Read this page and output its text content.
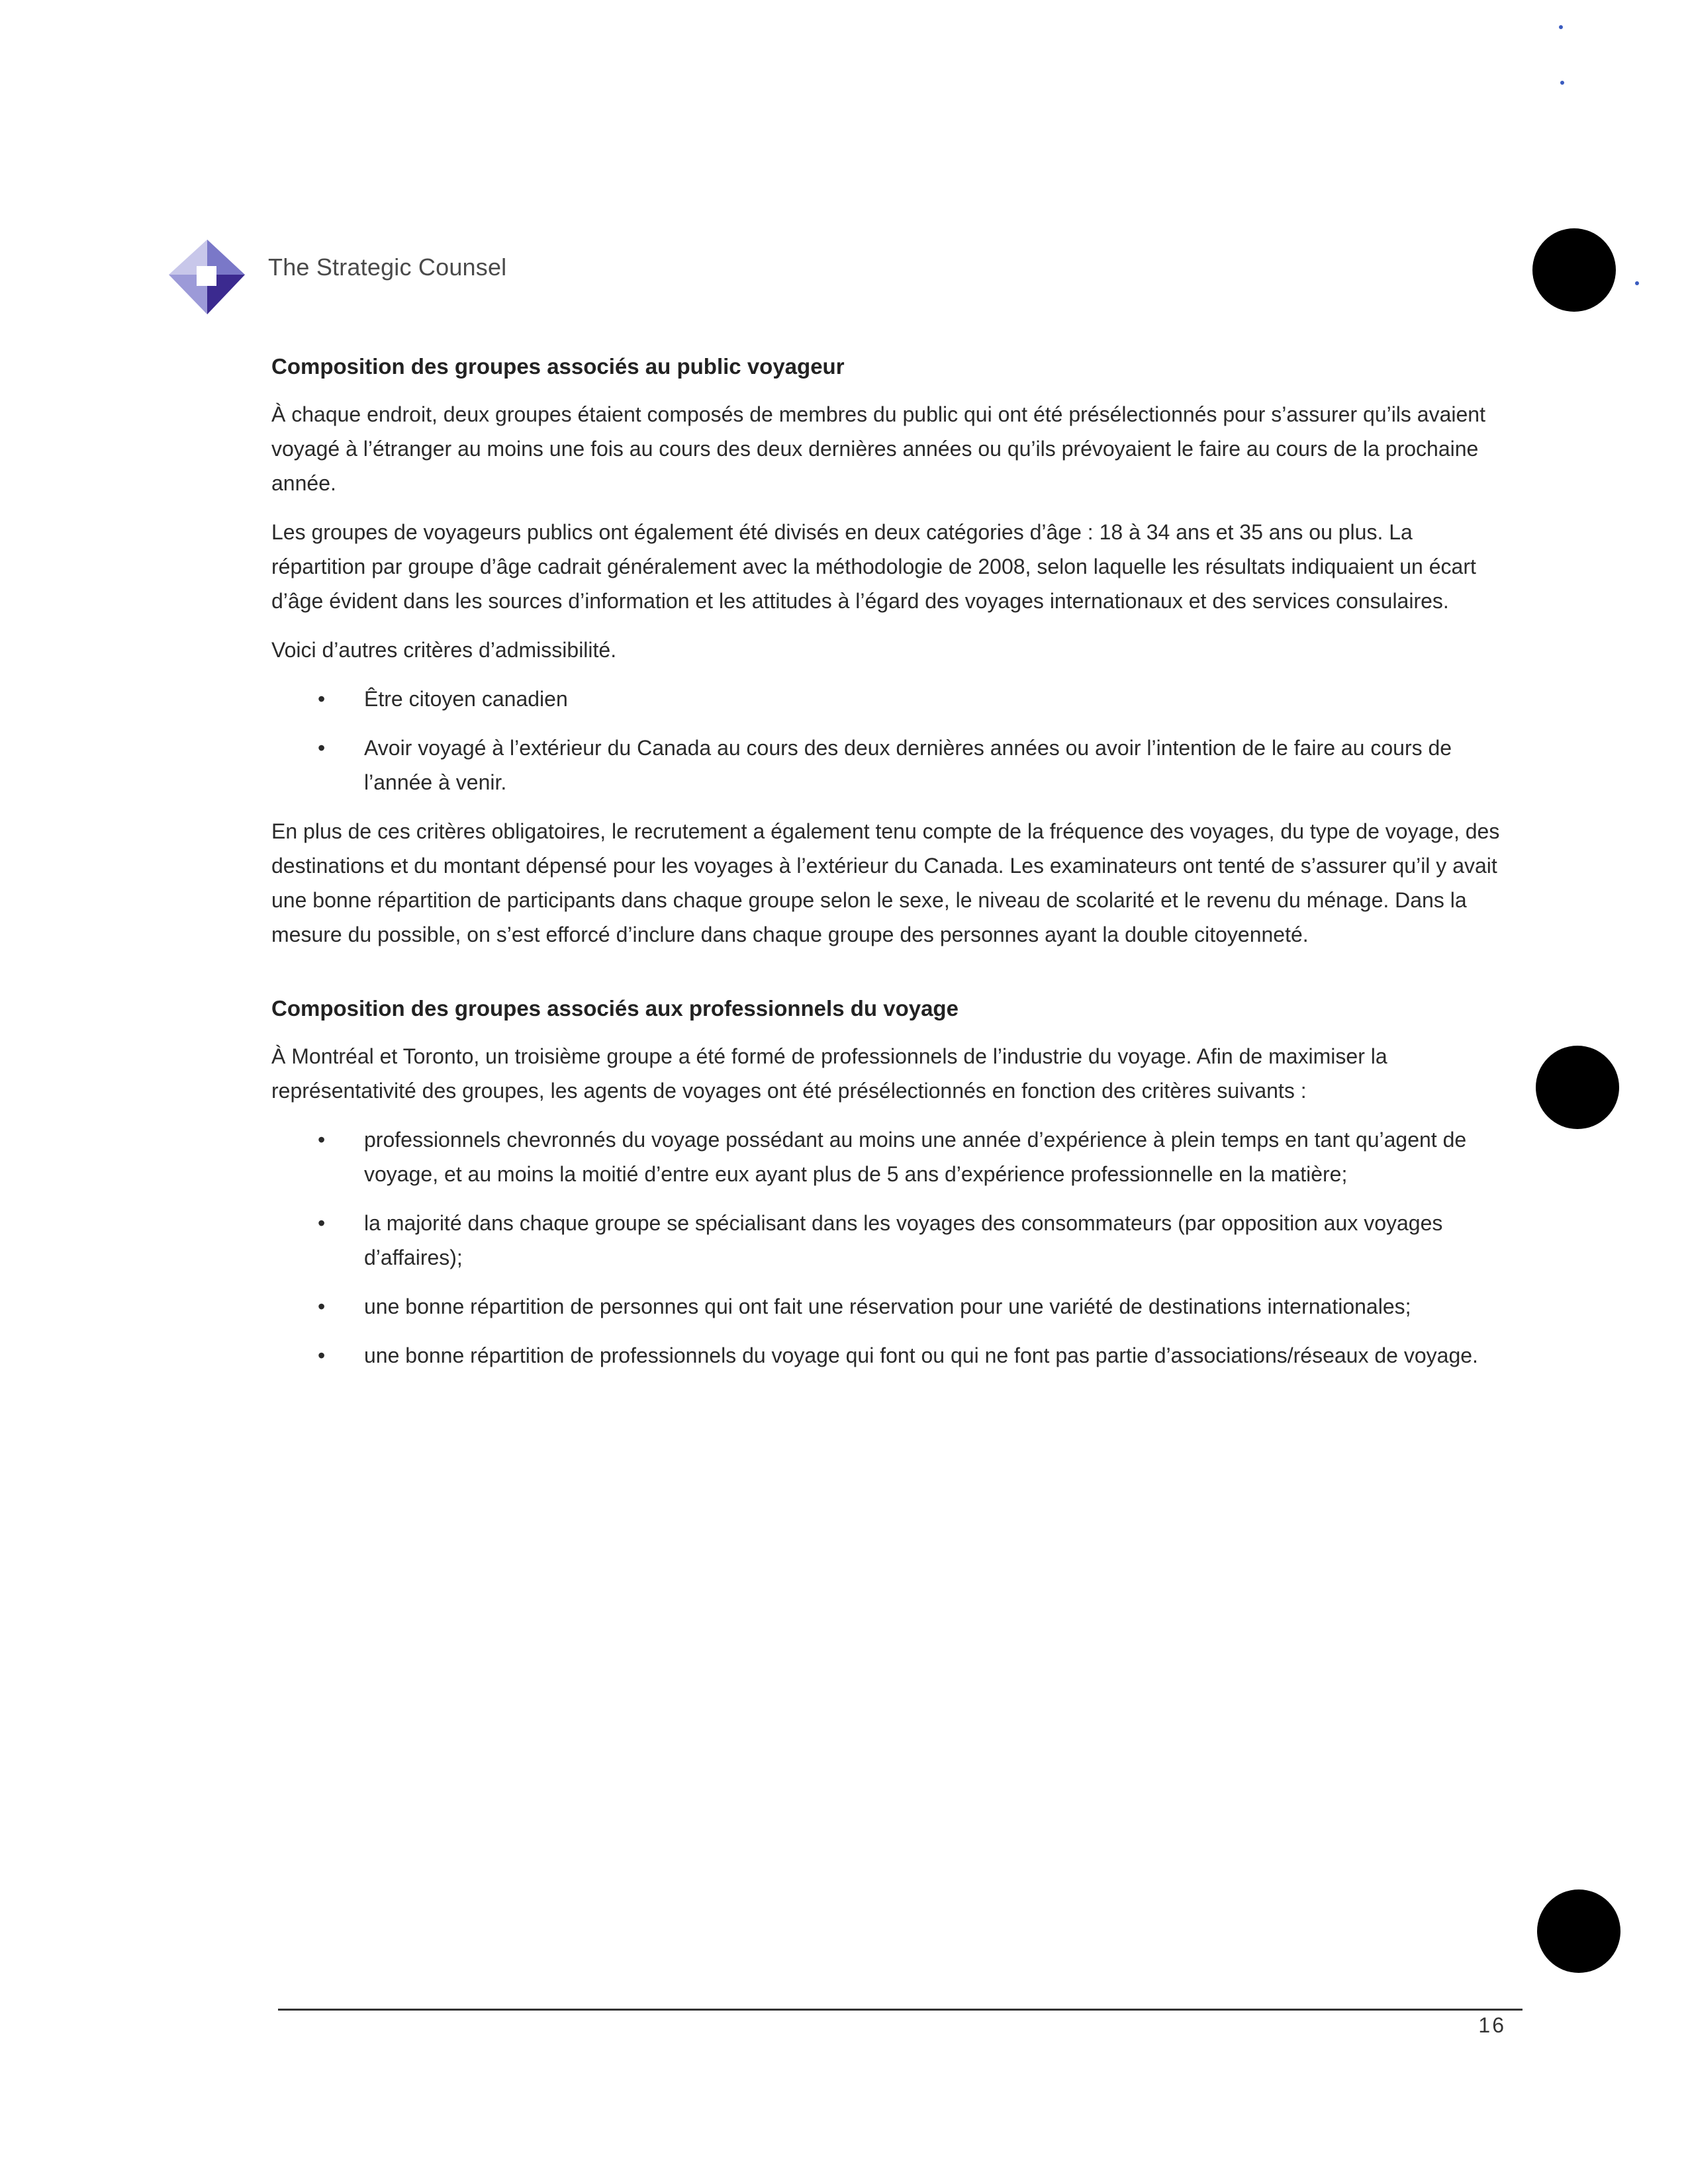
The Strategic Counsel
Composition des groupes associés au public voyageur

À chaque endroit, deux groupes étaient composés de membres du public qui ont été présélectionnés pour s’assurer qu’ils avaient voyagé à l’étranger au moins une fois au cours des deux dernières années ou qu’ils prévoyaient le faire au cours de la prochaine année.

Les groupes de voyageurs publics ont également été divisés en deux catégories d’âge : 18 à 34 ans et 35 ans ou plus. La répartition par groupe d’âge cadrait généralement avec la méthodologie de 2008, selon laquelle les résultats indiquaient un écart d’âge évident dans les sources d’information et les attitudes à l’égard des voyages internationaux et des services consulaires.

Voici d’autres critères d’admissibilité.

• Être citoyen canadien
• Avoir voyagé à l’extérieur du Canada au cours des deux dernières années ou avoir l’intention de le faire au cours de l’année à venir.

En plus de ces critères obligatoires, le recrutement a également tenu compte de la fréquence des voyages, du type de voyage, des destinations et du montant dépensé pour les voyages à l’extérieur du Canada. Les examinateurs ont tenté de s’assurer qu’il y avait une bonne répartition de participants dans chaque groupe selon le sexe, le niveau de scolarité et le revenu du ménage. Dans la mesure du possible, on s’est efforcé d’inclure dans chaque groupe des personnes ayant la double citoyenneté.

Composition des groupes associés aux professionnels du voyage

À Montréal et Toronto, un troisième groupe a été formé de professionnels de l’industrie du voyage. Afin de maximiser la représentativité des groupes, les agents de voyages ont été présélectionnés en fonction des critères suivants :

• professionnels chevronnés du voyage possédant au moins une année d’expérience à plein temps en tant qu’agent de voyage, et au moins la moitié d’entre eux ayant plus de 5 ans d’expérience professionnelle en la matière;
• la majorité dans chaque groupe se spécialisant dans les voyages des consommateurs (par opposition aux voyages d’affaires);
• une bonne répartition de personnes qui ont fait une réservation pour une variété de destinations internationales;
• une bonne répartition de professionnels du voyage qui font ou qui ne font pas partie d’associations/réseaux de voyage.
16
